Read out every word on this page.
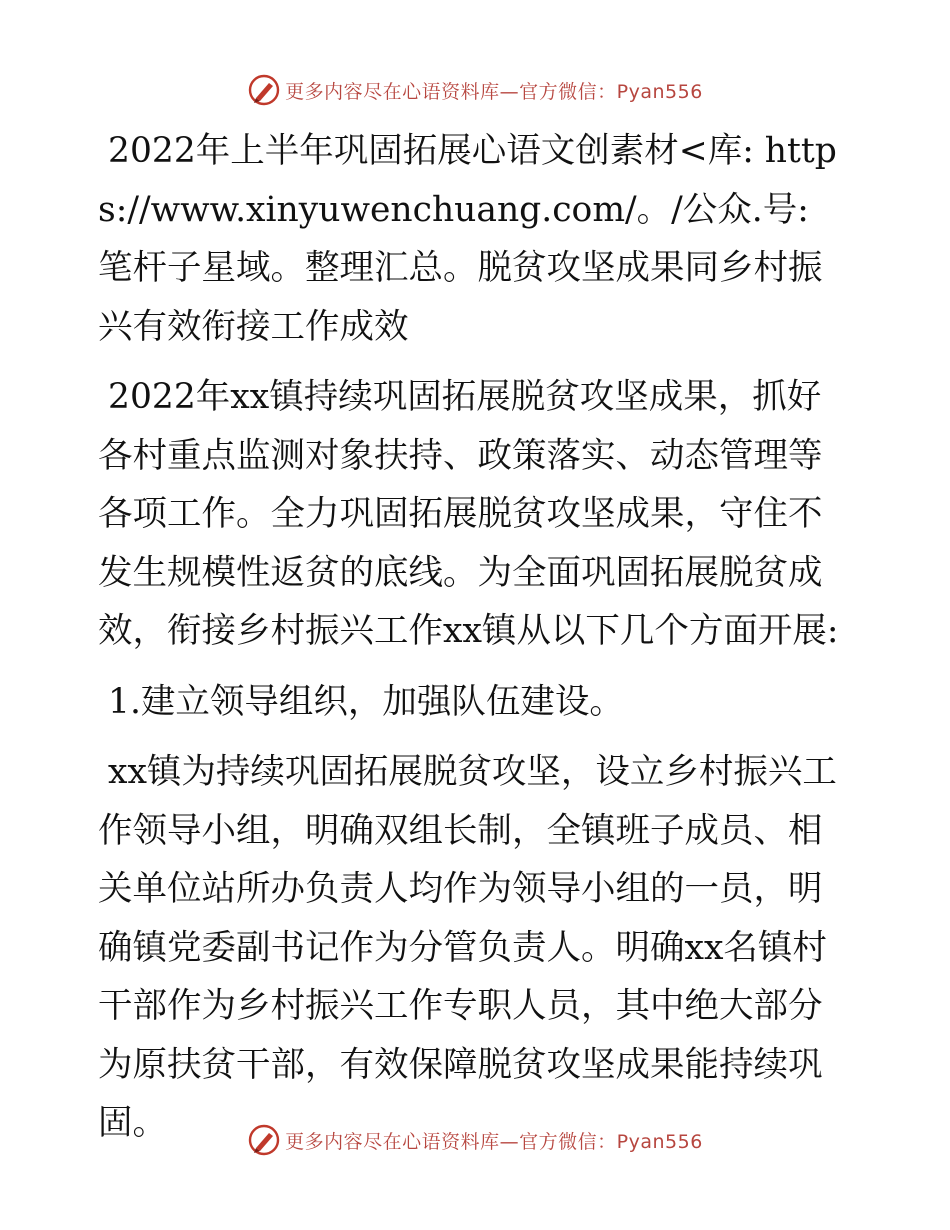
更多内容尽在心语资料库—官方微信：Pyan556

2022年上半年巩固拓展心语文创素材<库: https://www.xinyuwenchuang.com/。/公众.号: 笔杆子星域。整理汇总。脱贫攻坚成果同乡村振兴有效衔接工作成效

2022年xx镇持续巩固拓展脱贫攻坚成果，抓好各村重点监测对象扶持、政策落实、动态管理等各项工作。全力巩固拓展脱贫攻坚成果，守住不发生规模性返贫的底线。为全面巩固拓展脱贫成效，衔接乡村振兴工作xx镇从以下几个方面开展:

1.建立领导组织，加强队伍建设。

xx镇为持续巩固拓展脱贫攻坚，设立乡村振兴工作领导小组，明确双组长制，全镇班子成员、相关单位站所办负责人均作为领导小组的一员，明确镇党委副书记作为分管负责人。明确xx名镇村干部作为乡村振兴工作专职人员，其中绝大部分为原扶贫干部，有效保障脱贫攻坚成果能持续巩固。	更多内容尽在心语资料库—官方微信：Pyan556
